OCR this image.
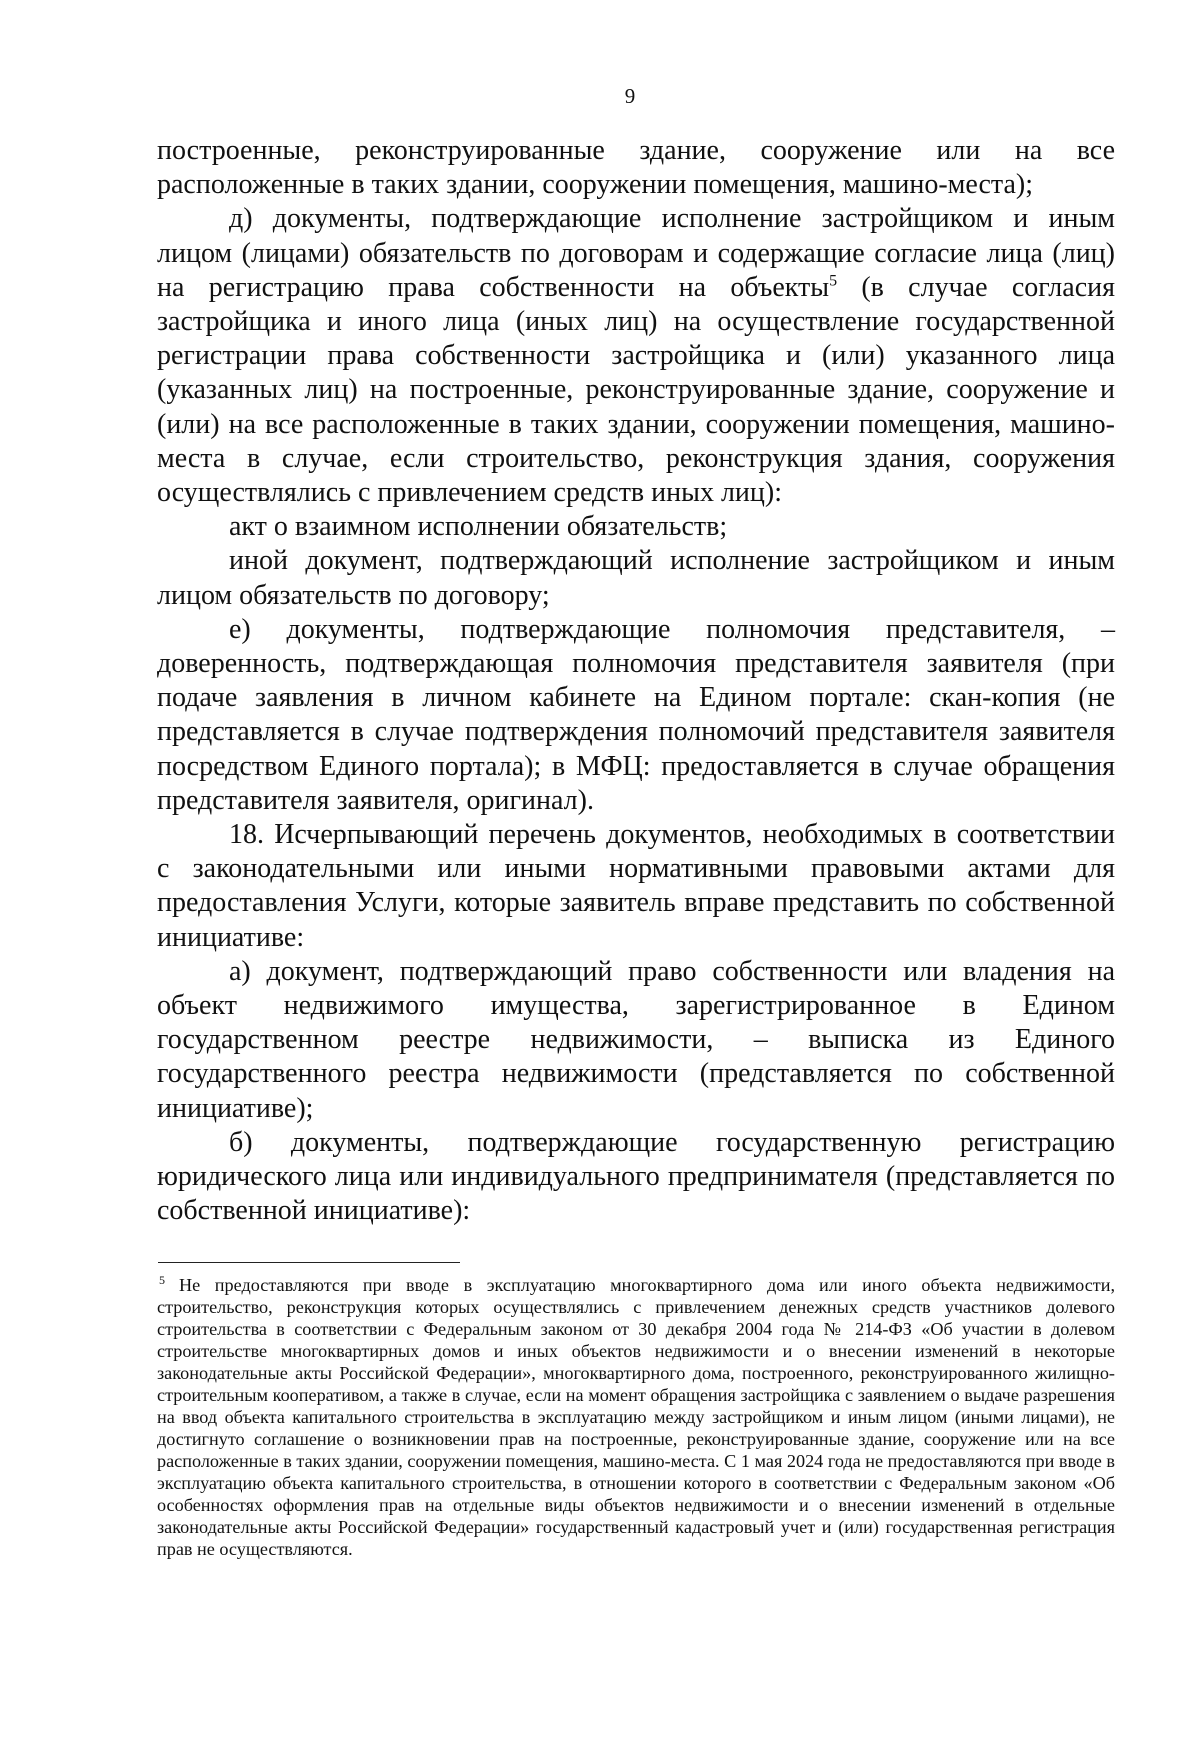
9

построенные, реконструированные здание, сооружение или на все расположенные в таких здании, сооружении помещения, машино-места);

д) документы, подтверждающие исполнение застройщиком и иным лицом (лицами) обязательств по договорам и содержащие согласие лица (лиц) на регистрацию права собственности на объекты$^5$ (в случае согласия застройщика и иного лица (иных лиц) на осуществление государственной регистрации права собственности застройщика и (или) указанного лица (указанных лиц) на построенные, реконструированные здание, сооружение и (или) на все расположенные в таких здании, сооружении помещения, машино-места в случае, если строительство, реконструкция здания, сооружения осуществлялись с привлечением средств иных лиц):

акт о взаимном исполнении обязательств;

иной документ, подтверждающий исполнение застройщиком и иным лицом обязательств по договору;

е) документы, подтверждающие полномочия представителя, – доверенность, подтверждающая полномочия представителя заявителя (при подаче заявления в личном кабинете на Едином портале: скан-копия (не представляется в случае подтверждения полномочий представителя заявителя посредством Единого портала); в МФЦ: предоставляется в случае обращения представителя заявителя, оригинал).

18. Исчерпывающий перечень документов, необходимых в соответствии с законодательными или иными нормативными правовыми актами для предоставления Услуги, которые заявитель вправе представить по собственной инициативе:

а) документ, подтверждающий право собственности или владения на объект недвижимого имущества, зарегистрированное в Едином государственном реестре недвижимости, – выписка из Единого государственного реестра недвижимости (представляется по собственной инициативе);

б) документы, подтверждающие государственную регистрацию юридического лица или индивидуального предпринимателя (представляется по собственной инициативе):

$^5$ Не предоставляются при вводе в эксплуатацию многоквартирного дома или иного объекта недвижимости, строительство, реконструкция которых осуществлялись с привлечением денежных средств участников долевого строительства в соответствии с Федеральным законом от 30 декабря 2004 года № 214-ФЗ «Об участии в долевом строительстве многоквартирных домов и иных объектов недвижимости и о внесении изменений в некоторые законодательные акты Российской Федерации», многоквартирного дома, построенного, реконструированного жилищно-строительным кооперативом, а также в случае, если на момент обращения застройщика с заявлением о выдаче разрешения на ввод объекта капитального строительства в эксплуатацию между застройщиком и иным лицом (иными лицами), не достигнуто соглашение о возникновении прав на построенные, реконструированные здание, сооружение или на все расположенные в таких здании, сооружении помещения, машино-места. С 1 мая 2024 года не предоставляются при вводе в эксплуатацию объекта капитального строительства, в отношении которого в соответствии с Федеральным законом «Об особенностях оформления прав на отдельные виды объектов недвижимости и о внесении изменений в отдельные законодательные акты Российской Федерации» государственный кадастровый учет и (или) государственная регистрация прав не осуществляются.
